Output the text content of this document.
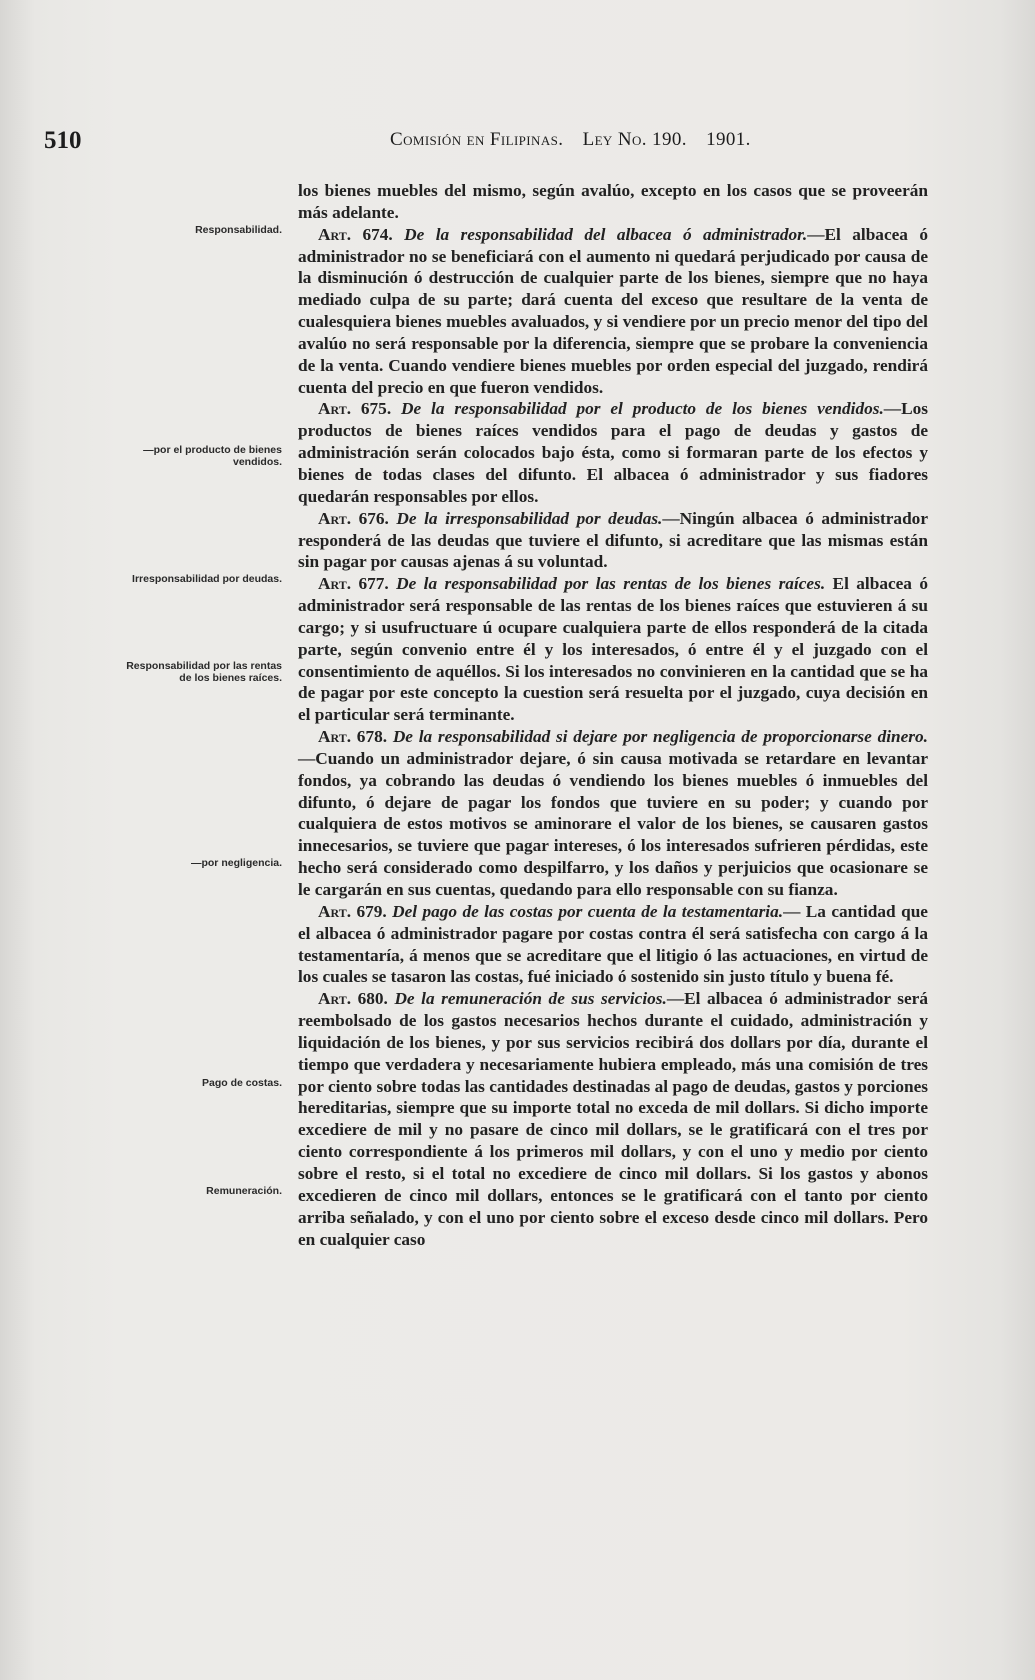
510	Comisión en Filipinas. Ley No. 190. 1901.
Responsabilidad.
—por el producto de bienes vendidos.
Irresponsabilidad por deudas.
Responsabilidad por las rentas de los bienes raíces.
—por negligencia.
Pago de costas.
Remuneración.

los bienes muebles del mismo, según avalúo, excepto en los casos que se proveerán más adelante.

Art. 674. De la responsabilidad del albacea ó administrador.—El albacea ó administrador no se beneficiará con el aumento ni quedará perjudicado por causa de la disminución ó destrucción de cualquier parte de los bienes, siempre que no haya mediado culpa de su parte; dará cuenta del exceso que resultare de la venta de cualesquiera bienes muebles avaluados, y si vendiere por un precio menor del tipo del avalúo no será responsable por la diferencia, siempre que se probare la conveniencia de la venta. Cuando vendiere bienes muebles por orden especial del juzgado, rendirá cuenta del precio en que fueron vendidos.

Art. 675. De la responsabilidad por el producto de los bienes vendidos.—Los productos de bienes raíces vendidos para el pago de deudas y gastos de administración serán colocados bajo ésta, como si formaran parte de los efectos y bienes de todas clases del difunto. El albacea ó administrador y sus fiadores quedarán responsables por ellos.

Art. 676. De la irresponsabilidad por deudas.—Ningún albacea ó administrador responderá de las deudas que tuviere el difunto, si acreditare que las mismas están sin pagar por causas ajenas á su voluntad.

Art. 677. De la responsabilidad por las rentas de los bienes raíces. El albacea ó administrador será responsable de las rentas de los bienes raíces que estuvieren á su cargo; y si usufructuare ú ocupare cualquiera parte de ellos responderá de la citada parte, según convenio entre él y los interesados, ó entre él y el juzgado con el consentimiento de aquéllos. Si los interesados no convinieren en la cantidad que se ha de pagar por este concepto la cuestion será resuelta por el juzgado, cuya decisión en el particular será terminante.

Art. 678. De la responsabilidad si dejare por negligencia de proporcionarse dinero.—Cuando un administrador dejare, ó sin causa motivada se retardare en levantar fondos, ya cobrando las deudas ó vendiendo los bienes muebles ó inmuebles del difunto, ó dejare de pagar los fondos que tuviere en su poder; y cuando por cualquiera de estos motivos se aminorare el valor de los bienes, se causaren gastos innecesarios, se tuviere que pagar intereses, ó los interesados sufrieren pérdidas, este hecho será considerado como despilfarro, y los daños y perjuicios que ocasionare se le cargarán en sus cuentas, quedando para ello responsable con su fianza.

Art. 679. Del pago de las costas por cuenta de la testamentaria.— La cantidad que el albacea ó administrador pagare por costas contra él será satisfecha con cargo á la testamentaría, á menos que se acreditare que el litigio ó las actuaciones, en virtud de los cuales se tasaron las costas, fué iniciado ó sostenido sin justo título y buena fé.

Art. 680. De la remuneración de sus servicios.—El albacea ó administrador será reembolsado de los gastos necesarios hechos durante el cuidado, administración y liquidación de los bienes, y por sus servicios recibirá dos dollars por día, durante el tiempo que verdadera y necesariamente hubiera empleado, más una comisión de tres por ciento sobre todas las cantidades destinadas al pago de deudas, gastos y porciones hereditarias, siempre que su importe total no exceda de mil dollars. Si dicho importe excediere de mil y no pasare de cinco mil dollars, se le gratificará con el tres por ciento correspondiente á los primeros mil dollars, y con el uno y medio por ciento sobre el resto, si el total no excediere de cinco mil dollars. Si los gastos y abonos excedieren de cinco mil dollars, entonces se le gratificará con el tanto por ciento arriba señalado, y con el uno por ciento sobre el exceso desde cinco mil dollars. Pero en cualquier caso
